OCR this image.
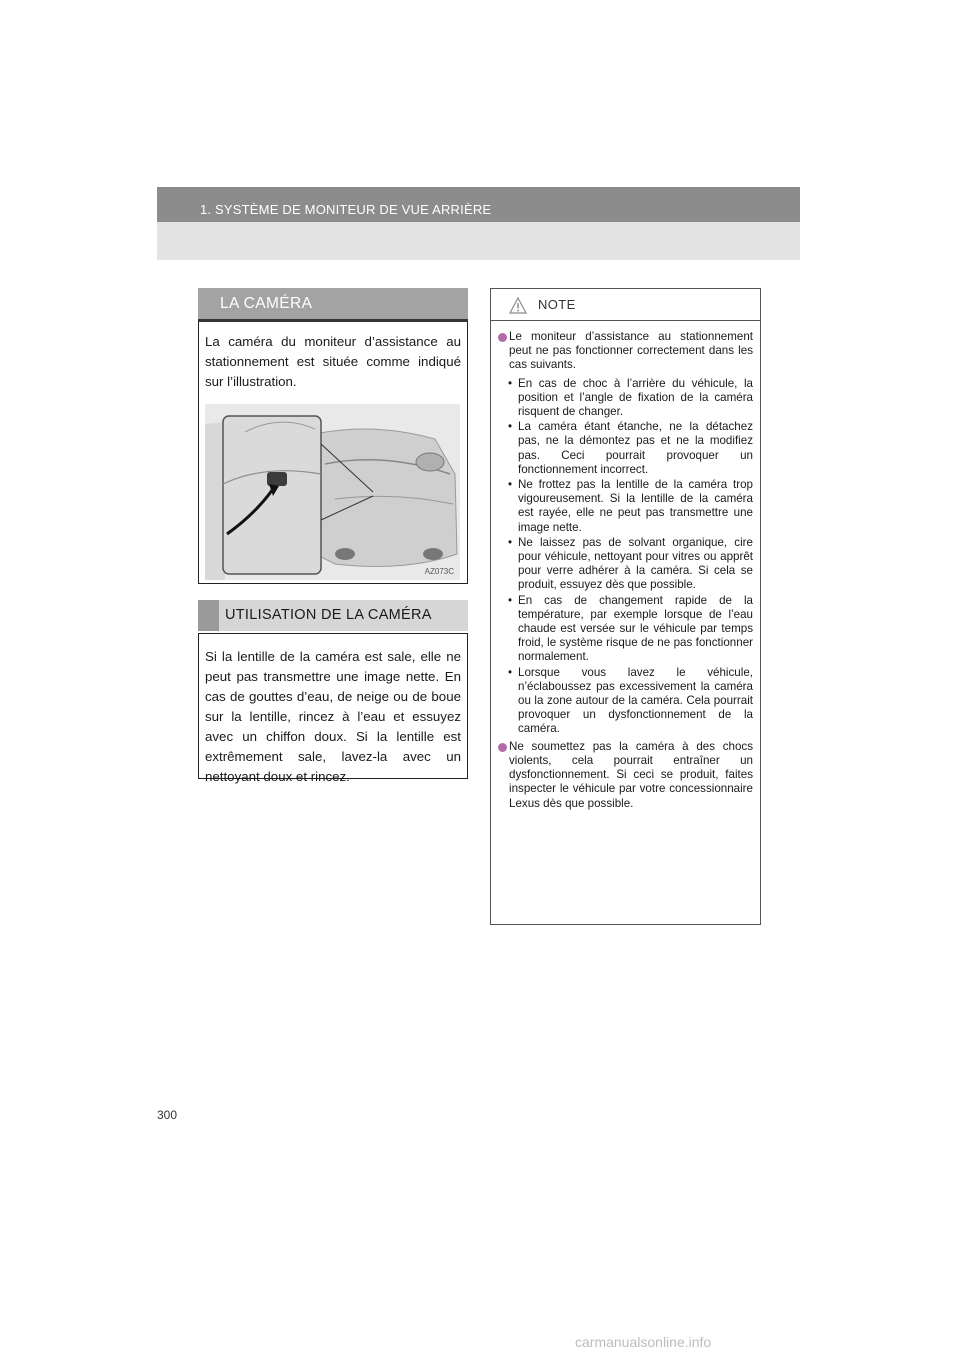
1. SYSTÈME DE MONITEUR DE VUE ARRIÈRE
LA CAMÉRA

La caméra du moniteur d’assistance au stationnement est située comme indiqué sur l’illustration.

AZ073C
UTILISATION DE LA CAMÉRA

Si la lentille de la caméra est sale, elle ne peut pas transmettre une image nette. En cas de gouttes d’eau, de neige ou de boue sur la lentille, rincez à l’eau et essuyez avec un chiffon doux. Si la lentille est extrêmement sale, lavez-la avec un nettoyant doux et rincez.

NOTE
Le moniteur d’assistance au stationnement peut ne pas fonctionner correctement dans les cas suivants.
• En cas de choc à l’arrière du véhicule, la position et l’angle de fixation de la caméra risquent de changer.
• La caméra étant étanche, ne la détachez pas, ne la démontez pas et ne la modifiez pas. Ceci pourrait provoquer un fonctionnement incorrect.
• Ne frottez pas la lentille de la caméra trop vigoureusement. Si la lentille de la caméra est rayée, elle ne peut pas transmettre une image nette.
• Ne laissez pas de solvant organique, cire pour véhicule, nettoyant pour vitres ou apprêt pour verre adhérer à la caméra. Si cela se produit, essuyez dès que possible.
• En cas de changement rapide de la température, par exemple lorsque de l’eau chaude est versée sur le véhicule par temps froid, le système risque de ne pas fonctionner normalement.
• Lorsque vous lavez le véhicule, n’éclaboussez pas excessivement la caméra ou la zone autour de la caméra. Cela pourrait provoquer un dysfonctionnement de la caméra.
Ne soumettez pas la caméra à des chocs violents, cela pourrait entraîner un dysfonctionnement. Si ceci se produit, faites inspecter le véhicule par votre concessionnaire Lexus dès que possible.
300
carmanualsonline.info
